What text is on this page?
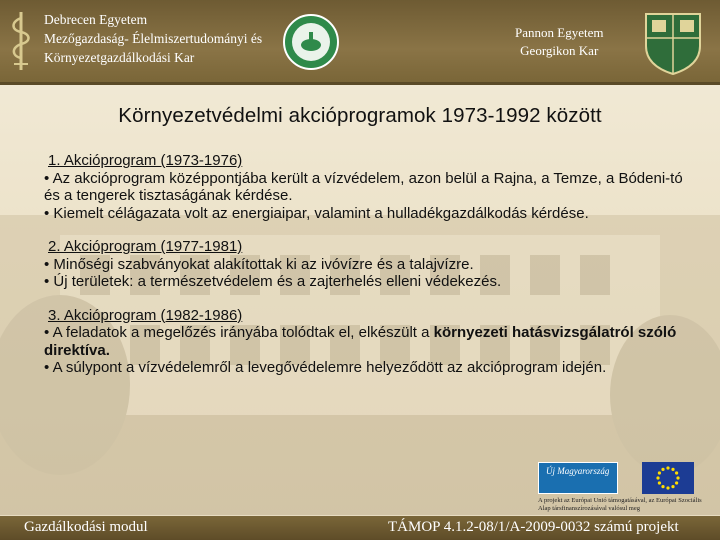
Debrecen Egyetem
Mezőgazdaság- Élelmiszertudományi és
Környezetgazdálkodási Kar
Pannon Egyetem
Georgikon Kar
Környezetvédelmi akcióprogramok 1973-1992 között
1. Akcióprogram (1973-1976)
• Az akcióprogram középpontjába került a vízvédelem, azon belül a Rajna, a Temze, a Bódeni-tó és a tengerek tisztaságának kérdése.
• Kiemelt célágazata volt az energiaipar, valamint a hulladékgazdálkodás kérdése.
2. Akcióprogram (1977-1981)
• Minőségi szabványokat alakítottak ki az ivóvízre és a talajvízre.
• Új területek: a természetvédelem és a zajterhelés elleni védekezés.
3. Akcióprogram (1982-1986)
• A feladatok a megelőzés irányába tolódtak el, elkészült a környezeti hatásvizsgálatról szóló direktíva.
• A súlypont a vízvédelemről a levegővédelemre helyeződött az akcióprogram idején.
Új Magyarország
A projekt az Európai Unió támogatásával, az Európai Szociális Alap társfinanszírozásával valósul meg
Gazdálkodási modul	TÁMOP 4.1.2-08/1/A-2009-0032 számú projekt
